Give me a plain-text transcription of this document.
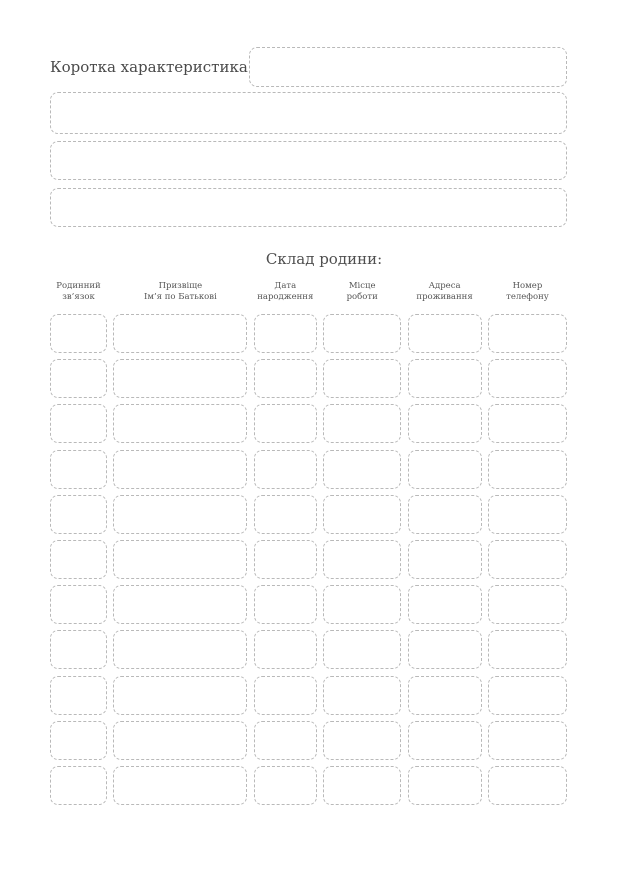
Коротка характеристика
Склад родини:
Родинний
зв’язок
Призвіще
Ім’я по Батькові
Дата
народження
Місце
роботи
Адреса
проживання
Номер
телефону
